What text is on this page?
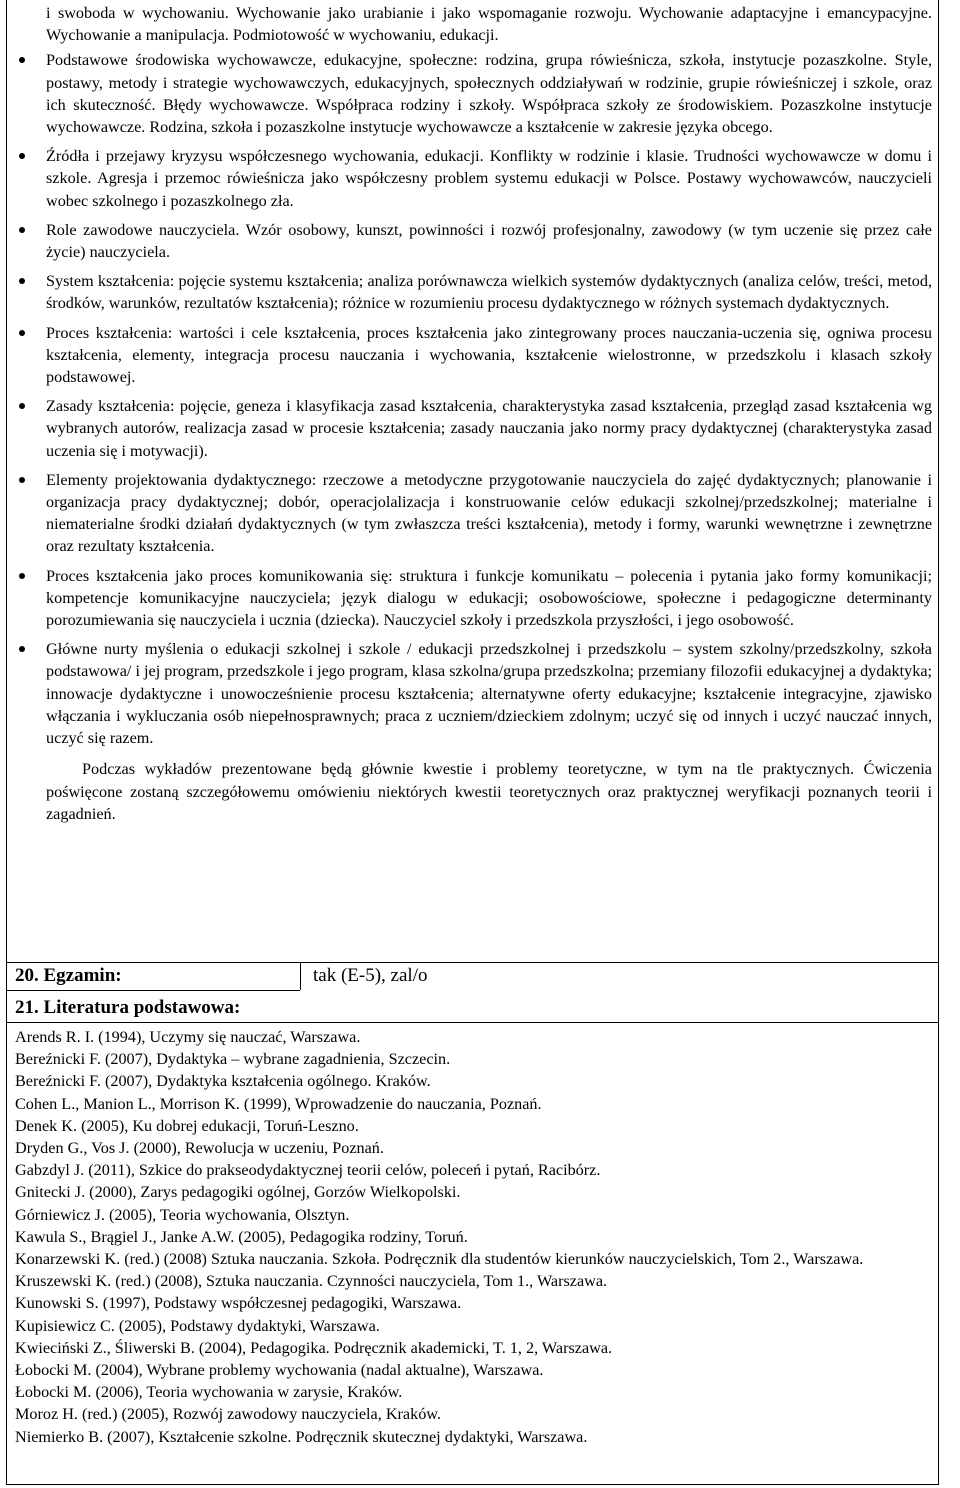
i swoboda w wychowaniu. Wychowanie jako urabianie i jako wspomaganie rozwoju. Wychowanie adaptacyjne i emancypacyjne. Wychowanie a manipulacja. Podmiotowość w wychowaniu, edukacji.

Podstawowe środowiska wychowawcze, edukacyjne, społeczne: rodzina, grupa rówieśnicza, szkoła, instytucje pozaszkolne. Style, postawy, metody i strategie wychowawczych, edukacyjnych, społecznych oddziaływań w rodzinie, grupie rówieśniczej i szkole, oraz ich skuteczność. Błędy wychowawcze. Współpraca rodziny i szkoły. Współpraca szkoły ze środowiskiem. Pozaszkolne instytucje wychowawcze. Rodzina, szkoła i pozaszkolne instytucje wychowawcze a kształcenie w zakresie języka obcego.
Źródła i przejawy kryzysu współczesnego wychowania, edukacji. Konflikty w rodzinie i klasie. Trudności wychowawcze w domu i szkole. Agresja i przemoc rówieśnicza jako współczesny problem systemu edukacji w Polsce. Postawy wychowawców, nauczycieli wobec szkolnego i pozaszkolnego zła.
Role zawodowe nauczyciela. Wzór osobowy, kunszt, powinności i rozwój profesjonalny, zawodowy (w tym uczenie się przez całe życie) nauczyciela.
System kształcenia: pojęcie systemu kształcenia; analiza porównawcza wielkich systemów dydaktycznych (analiza celów, treści, metod, środków, warunków, rezultatów kształcenia); różnice w rozumieniu procesu dydaktycznego w różnych systemach dydaktycznych.
Proces kształcenia: wartości i cele kształcenia, proces kształcenia jako zintegrowany proces nauczania-uczenia się, ogniwa procesu kształcenia, elementy, integracja procesu nauczania i wychowania, kształcenie wielostronne, w przedszkolu i klasach szkoły podstawowej.
Zasady kształcenia: pojęcie, geneza i klasyfikacja zasad kształcenia, charakterystyka zasad kształcenia, przegląd zasad kształcenia wg wybranych autorów, realizacja zasad w procesie kształcenia; zasady nauczania jako normy pracy dydaktycznej (charakterystyka zasad uczenia się i motywacji).
Elementy projektowania dydaktycznego: rzeczowe a metodyczne przygotowanie nauczyciela do zajęć dydaktycznych; planowanie i organizacja pracy dydaktycznej; dobór, operacjolalizacja i konstruowanie celów edukacji szkolnej/przedszkolnej; materialne i niematerialne środki działań dydaktycznych (w tym zwłaszcza treści kształcenia), metody i formy, warunki wewnętrzne i zewnętrzne oraz rezultaty kształcenia.
Proces kształcenia jako proces komunikowania się: struktura i funkcje komunikatu – polecenia i pytania jako formy komunikacji; kompetencje komunikacyjne nauczyciela; język dialogu w edukacji; osobowościowe, społeczne i pedagogiczne determinanty porozumiewania się nauczyciela i ucznia (dziecka). Nauczyciel szkoły i przedszkola przyszłości, i jego osobowość.
Główne nurty myślenia o edukacji szkolnej i szkole / edukacji przedszkolnej i przedszkolu – system szkolny/przedszkolny, szkoła podstawowa/ i jej program, przedszkole i jego program, klasa szkolna/grupa przedszkolna; przemiany filozofii edukacyjnej a dydaktyka; innowacje dydaktyczne i unowocześnienie procesu kształcenia; alternatywne oferty edukacyjne; kształcenie integracyjne, zjawisko włączania i wykluczania osób niepełnosprawnych; praca z uczniem/dzieckiem zdolnym; uczyć się od innych i uczyć nauczać innych, uczyć się razem.

Podczas wykładów prezentowane będą głównie kwestie i problemy teoretyczne, w tym na tle praktycznych. Ćwiczenia poświęcone zostaną szczegółowemu omówieniu niektórych kwestii teoretycznych oraz praktycznej weryfikacji poznanych teorii i zagadnień.

20. Egzamin:	tak (E-5), zal/o
21. Literatura podstawowa:

Arends R. I. (1994), Uczymy się nauczać, Warszawa.

Bereźnicki F. (2007), Dydaktyka – wybrane zagadnienia, Szczecin.

Bereźnicki F. (2007), Dydaktyka kształcenia ogólnego. Kraków.

Cohen L., Manion L., Morrison K. (1999), Wprowadzenie do nauczania, Poznań.

Denek K. (2005), Ku dobrej edukacji, Toruń-Leszno.

Dryden G., Vos J. (2000), Rewolucja w uczeniu, Poznań.

Gabzdyl J. (2011), Szkice do prakseodydaktycznej teorii celów, poleceń i pytań, Racibórz.

Gnitecki J. (2000), Zarys pedagogiki ogólnej, Gorzów Wielkopolski.

Górniewicz J. (2005), Teoria wychowania, Olsztyn.

Kawula S., Brągiel J., Janke A.W. (2005), Pedagogika rodziny, Toruń.

Konarzewski K. (red.) (2008) Sztuka nauczania. Szkoła. Podręcznik dla studentów kierunków nauczycielskich, Tom 2., Warszawa.

Kruszewski K. (red.) (2008), Sztuka nauczania. Czynności nauczyciela, Tom 1., Warszawa.

Kunowski S. (1997), Podstawy współczesnej pedagogiki, Warszawa.

Kupisiewicz C. (2005), Podstawy dydaktyki, Warszawa.

Kwieciński Z., Śliwerski B. (2004), Pedagogika. Podręcznik akademicki, T. 1, 2, Warszawa.

Łobocki M. (2004), Wybrane problemy wychowania (nadal aktualne), Warszawa.

Łobocki M. (2006), Teoria wychowania w zarysie, Kraków.

Moroz H. (red.) (2005), Rozwój zawodowy nauczyciela, Kraków.

Niemierko B. (2007), Kształcenie szkolne. Podręcznik skutecznej dydaktyki, Warszawa.
